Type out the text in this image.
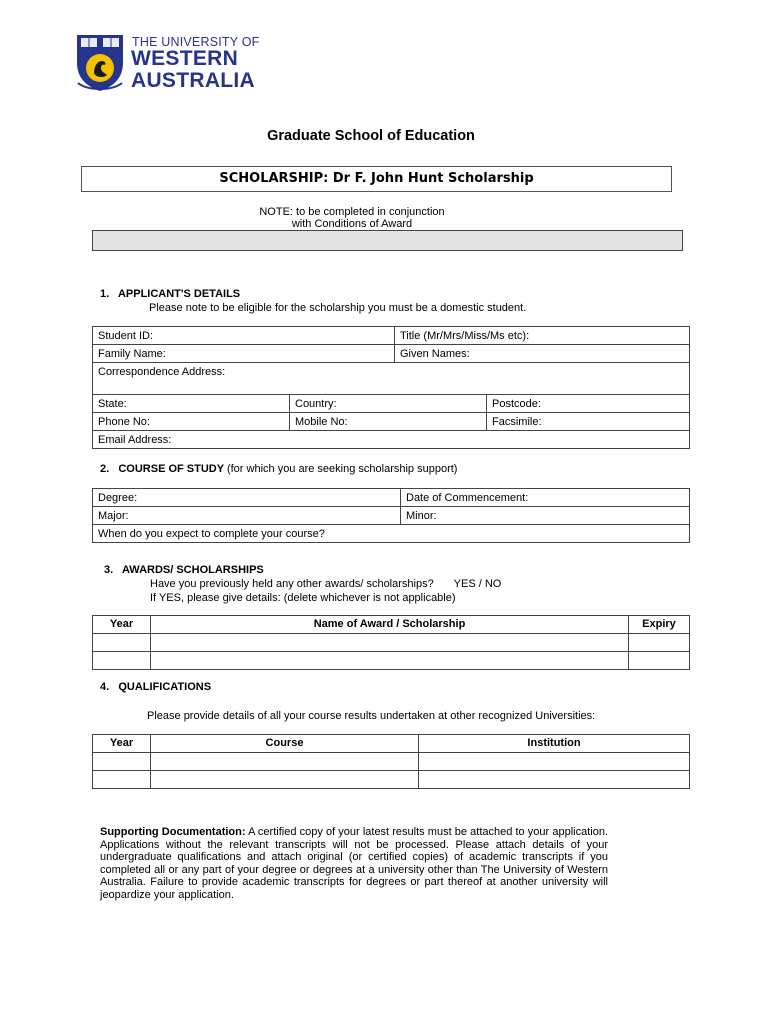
THE UNIVERSITY OF
WESTERN
AUSTRALIA
Graduate School of Education
SCHOLARSHIP: Dr F. John Hunt Scholarship
NOTE: to be completed in conjunction
with Conditions of Award
1. APPLICANT'S DETAILS
Please note to be eligible for the scholarship you must be a domestic student.
Student ID:	Title (Mr/Mrs/Miss/Ms etc):
Family Name:	Given Names:
Correspondence Address:	
State:	Country:	Postcode:
Phone No:	Mobile No:	Facsimile:
Email Address:		
2. COURSE OF STUDY (for which you are seeking scholarship support)
Degree:	Date of Commencement:
Major:	Minor:
When do you expect to complete your course?	
3. AWARDS/ SCHOLARSHIPS
Have you previously held any other awards/ scholarships? YES / NO
If YES, please give details: (delete whichever is not applicable)
Year	Name of Award / Scholarship	Expiry

4. QUALIFICATIONS
Please provide details of all your course results undertaken at other recognized Universities:
Year	Course	Institution

Supporting Documentation: A certified copy of your latest results must be attached to your application. Applications without the relevant transcripts will not be processed. Please attach details of your undergraduate qualifications and attach original (or certified copies) of academic transcripts if you completed all or any part of your degree or degrees at a university other than The University of Western Australia. Failure to provide academic transcripts for degrees or part thereof at another university will jeopardize your application.
